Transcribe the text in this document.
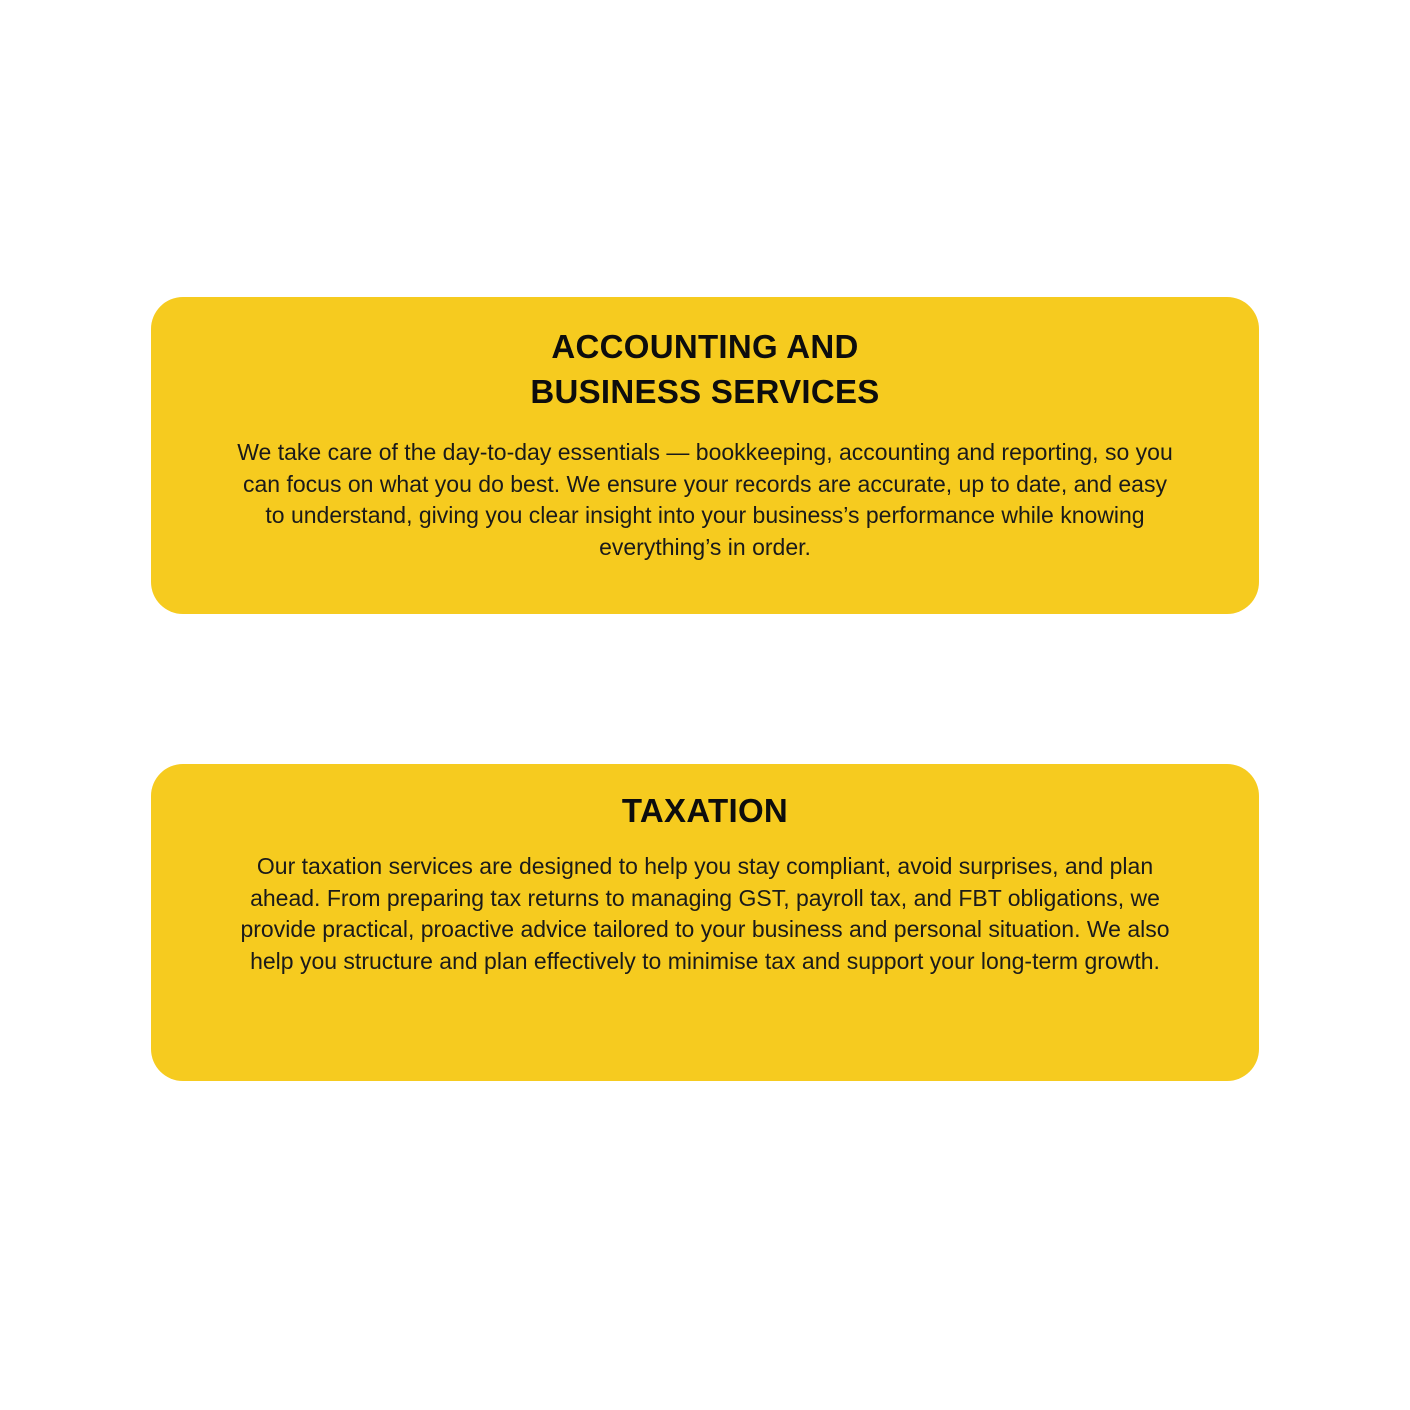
ACCOUNTING AND
BUSINESS SERVICES

We take care of the day-to-day essentials — bookkeeping, accounting and reporting, so you can focus on what you do best. We ensure your records are accurate, up to date, and easy to understand, giving you clear insight into your business’s performance while knowing everything’s in order.

TAXATION

Our taxation services are designed to help you stay compliant, avoid surprises, and plan ahead. From preparing tax returns to managing GST, payroll tax, and FBT obligations, we provide practical, proactive advice tailored to your business and personal situation. We also help you structure and plan effectively to minimise tax and support your long-term growth.
